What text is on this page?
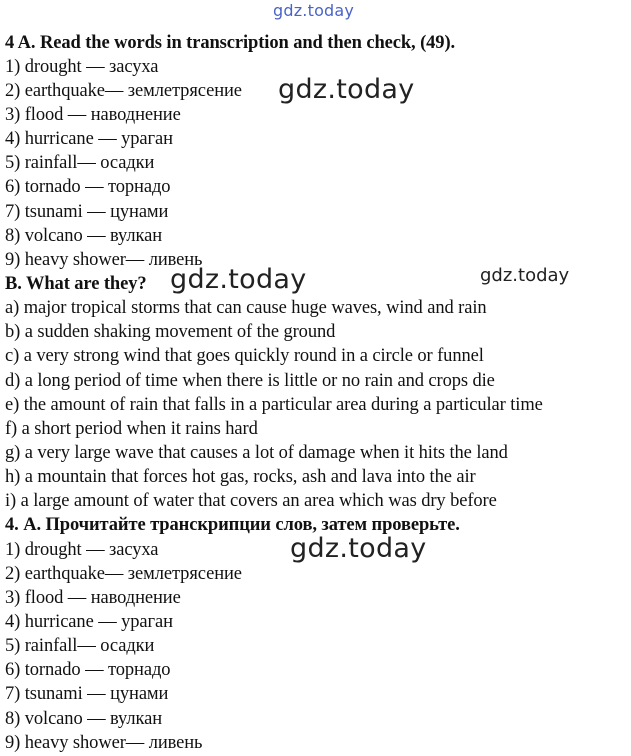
gdz.today
4 A. Read the words in transcription and then check, (49).
1) drought — засуха
2) earthquake— землетрясение
3) flood — наводнение
4) hurricane — ураган
5) rainfall— осадки
6) tornado — торнадо
7) tsunami — цунами
8) volcano — вулкан
9) heavy shower— ливень
B. What are they?
a) major tropical storms that can cause huge waves, wind and rain
b) a sudden shaking movement of the ground
c) a very strong wind that goes quickly round in a circle or funnel
d) a long period of time when there is little or no rain and crops die
e) the amount of rain that falls in a particular area during a particular time
f) a short period when it rains hard
g) a very large wave that causes a lot of damage when it hits the land
h) a mountain that forces hot gas, rocks, ash and lava into the air
i) a large amount of water that covers an area which was dry before
4. А. Прочитайте транскрипции слов, затем проверьте.
1) drought — засуха
2) earthquake— землетрясение
3) flood — наводнение
4) hurricane — ураган
5) rainfall— осадки
6) tornado — торнадо
7) tsunami — цунами
8) volcano — вулкан
9) heavy shower— ливень
gdz.today
gdz.today	gdz.today
gdz.today
